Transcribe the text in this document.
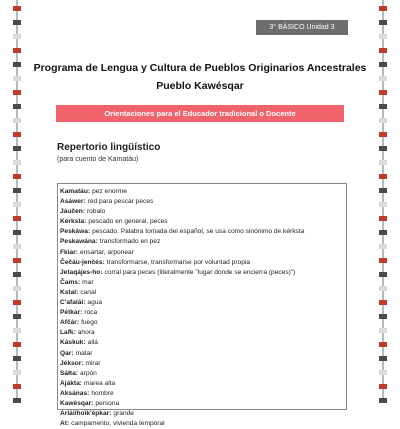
3° BÁSICO Unidad 3
Programa de Lengua y Cultura de Pueblos Originarios Ancestrales
Pueblo Kawésqar
Orientaciones para el Educador tradicional o Docente
Repertorio lingüístico
(para cuento de Kamatáu)
Kamatáu : pez enorme
Asáwer : red para pescar peces
Jáučen : robalo
Kérksta : pescado en general, peces
Peskáwa : pescado. Palabra tomada del español, se usa como sinónimo de kérksta
Peskawána : transformado en pez
Fkiar : ensartar, arponear
Čečáu-jenčés : transformarse, transformarse por voluntad propia
Jetaqájes-ho : corral para peces (literalmente "lugar donde se encierra (peces)")
Čams : mar
Kstal : canal
C'afalái : agua
Pétkar : roca
Afčár : fuego
Lafk : ahora
Káskuk : allá
Qar : matar
Jéksor : mirar
Sáłta : arpón
Ajákta : marea alta
Aksánas : hombre
Kawésqar : persona
Arlái/hoik'épkar : grande
At : campamento, vivienda temporal
